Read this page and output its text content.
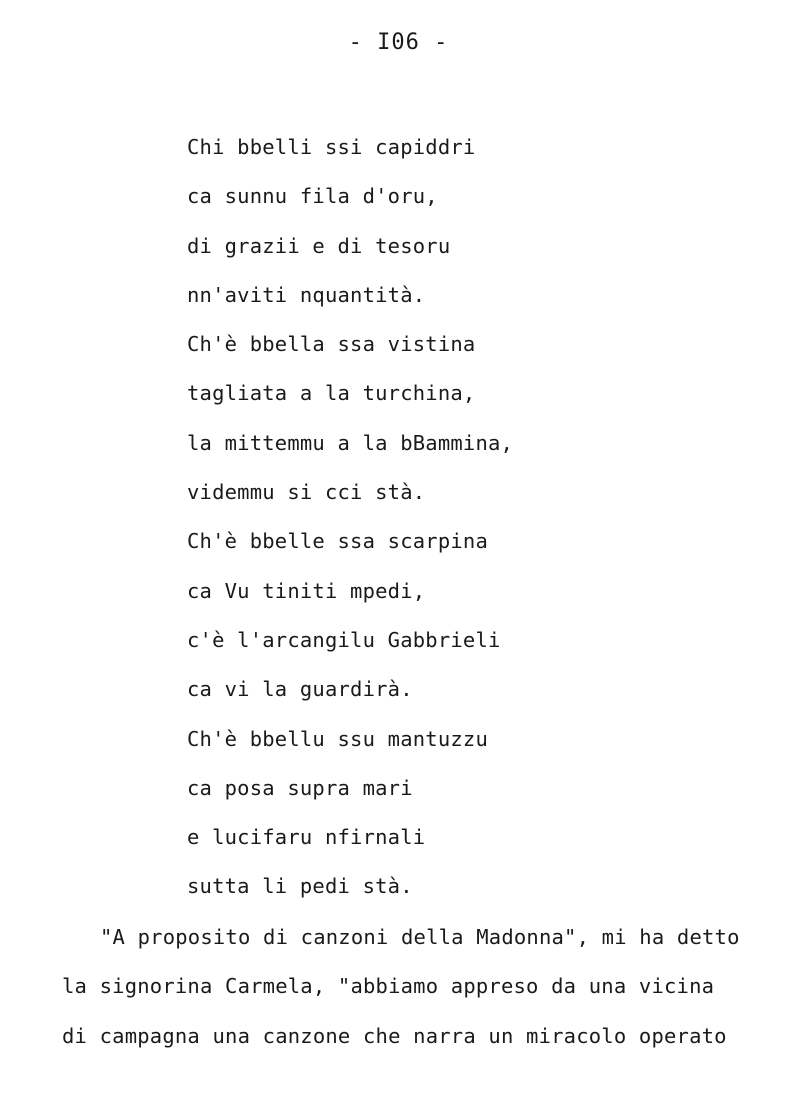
- I06 -
Chi bbelli ssi capiddri
ca sunnu fila d'oru,
di grazii e di tesoru
nn'aviti nquantità.
Ch'è bbella ssa vistina
tagliata a la turchina,
la mittemmu a la bBammina,
videmmu si cci stà.
Ch'è bbelle ssa scarpina
ca Vu tiniti mpedi,
c'è l'arcangilu Gabbrieli
ca vi la guardirà.
Ch'è bbellu ssu mantuzzu
ca posa supra mari
e lucifaru nfirnali
sutta li pedi stà.
"A proposito di canzoni della Madonna", mi ha detto
la signorina Carmela, "abbiamo appreso da una vicina
di campagna una canzone che narra un miracolo operato
